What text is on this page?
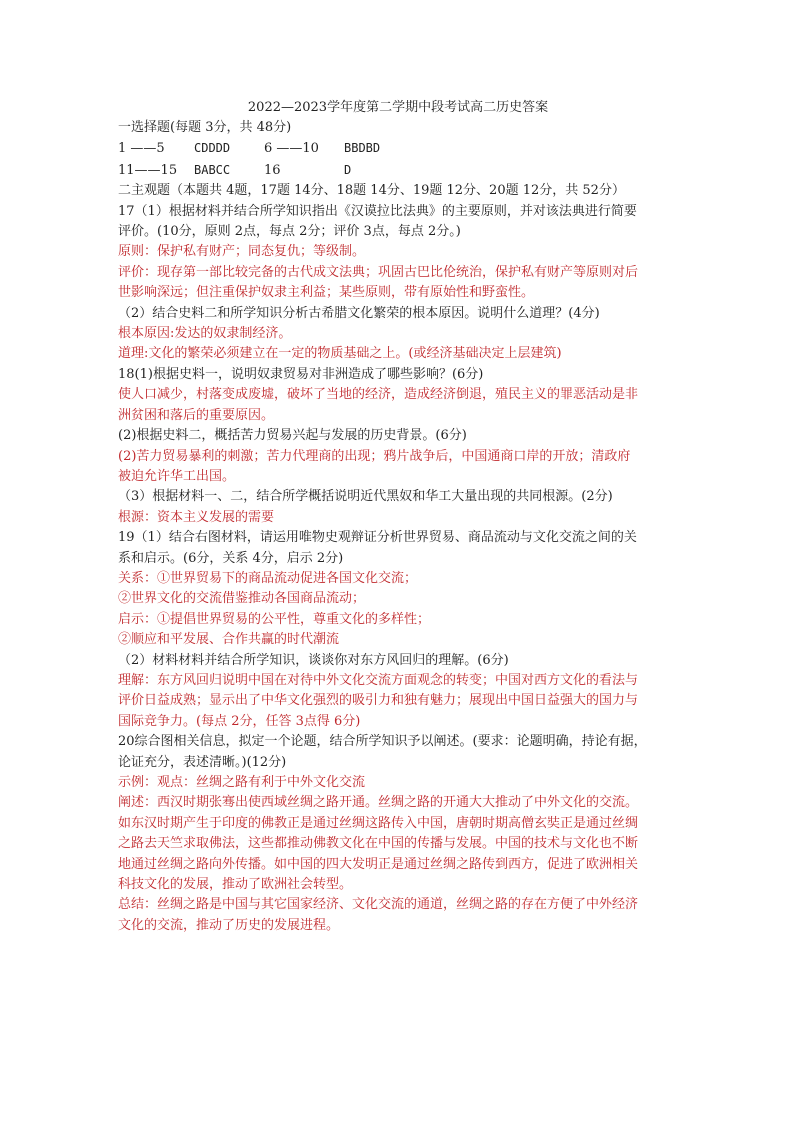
2022—2023学年度第二学期中段考试高二历史答案
一选择题(每题 3分，共 48分)
1 ——5 CDDDD	6 ——10 BBDBD
11——15 BABCC	16	D
二主观题（本题共 4题，17题 14分、18题 14分、19题 12分、20题 12分，共 52分）
17（1）根据材料并结合所学知识指出《汉谟拉比法典》的主要原则，并对该法典进行简要
评价。(10分，原则 2点，每点 2分；评价 3点，每点 2分。)
原则：保护私有财产；同态复仇；等级制。
评价：现存第一部比较完备的古代成文法典；巩固古巴比伦统治，保护私有财产等原则对后
世影响深远；但注重保护奴隶主利益；某些原则，带有原始性和野蛮性。
（2）结合史料二和所学知识分析古希腊文化繁荣的根本原因。说明什么道理？(4分)
根本原因:发达的奴隶制经济。
道理:文化的繁荣必须建立在一定的物质基础之上。(或经济基础决定上层建筑)
18(1)根据史料一，说明奴隶贸易对非洲造成了哪些影响？(6分)
使人口减少，村落变成废墟，破坏了当地的经济，造成经济倒退，殖民主义的罪恶活动是非
洲贫困和落后的重要原因。
(2)根据史料二，概括苦力贸易兴起与发展的历史背景。(6分)
(2)苦力贸易暴利的刺激；苦力代理商的出现；鸦片战争后，中国通商口岸的开放；清政府
被迫允许华工出国。
（3）根据材料一、二，结合所学概括说明近代黑奴和华工大量出现的共同根源。(2分)
根源：资本主义发展的需要
19（1）结合右图材料，请运用唯物史观辩证分析世界贸易、商品流动与文化交流之间的关
系和启示。(6分，关系 4分，启示 2分)
关系：①世界贸易下的商品流动促进各国文化交流；
②世界文化的交流借鉴推动各国商品流动；
启示：①提倡世界贸易的公平性，尊重文化的多样性；
②顺应和平发展、合作共赢的时代潮流
（2）材料材料并结合所学知识，谈谈你对东方风回归的理解。(6分)
理解：东方风回归说明中国在对待中外文化交流方面观念的转变；中国对西方文化的看法与
评价日益成熟；显示出了中华文化强烈的吸引力和独有魅力；展现出中国日益强大的国力与
国际竞争力。(每点 2分，任答 3点得 6分)
20综合图相关信息，拟定一个论题，结合所学知识予以阐述。(要求：论题明确，持论有据，
论证充分，表述清晰。)(12分)
示例：观点：丝绸之路有利于中外文化交流
阐述：西汉时期张骞出使西域丝绸之路开通。丝绸之路的开通大大推动了中外文化的交流。
如东汉时期产生于印度的佛教正是通过丝绸这路传入中国，唐朝时期高僧玄奘正是通过丝绸
之路去天竺求取佛法，这些都推动佛教文化在中国的传播与发展。中国的技术与文化也不断
地通过丝绸之路向外传播。如中国的四大发明正是通过丝绸之路传到西方，促进了欧洲相关
科技文化的发展，推动了欧洲社会转型。
总结：丝绸之路是中国与其它国家经济、文化交流的通道，丝绸之路的存在方便了中外经济
文化的交流，推动了历史的发展进程。
